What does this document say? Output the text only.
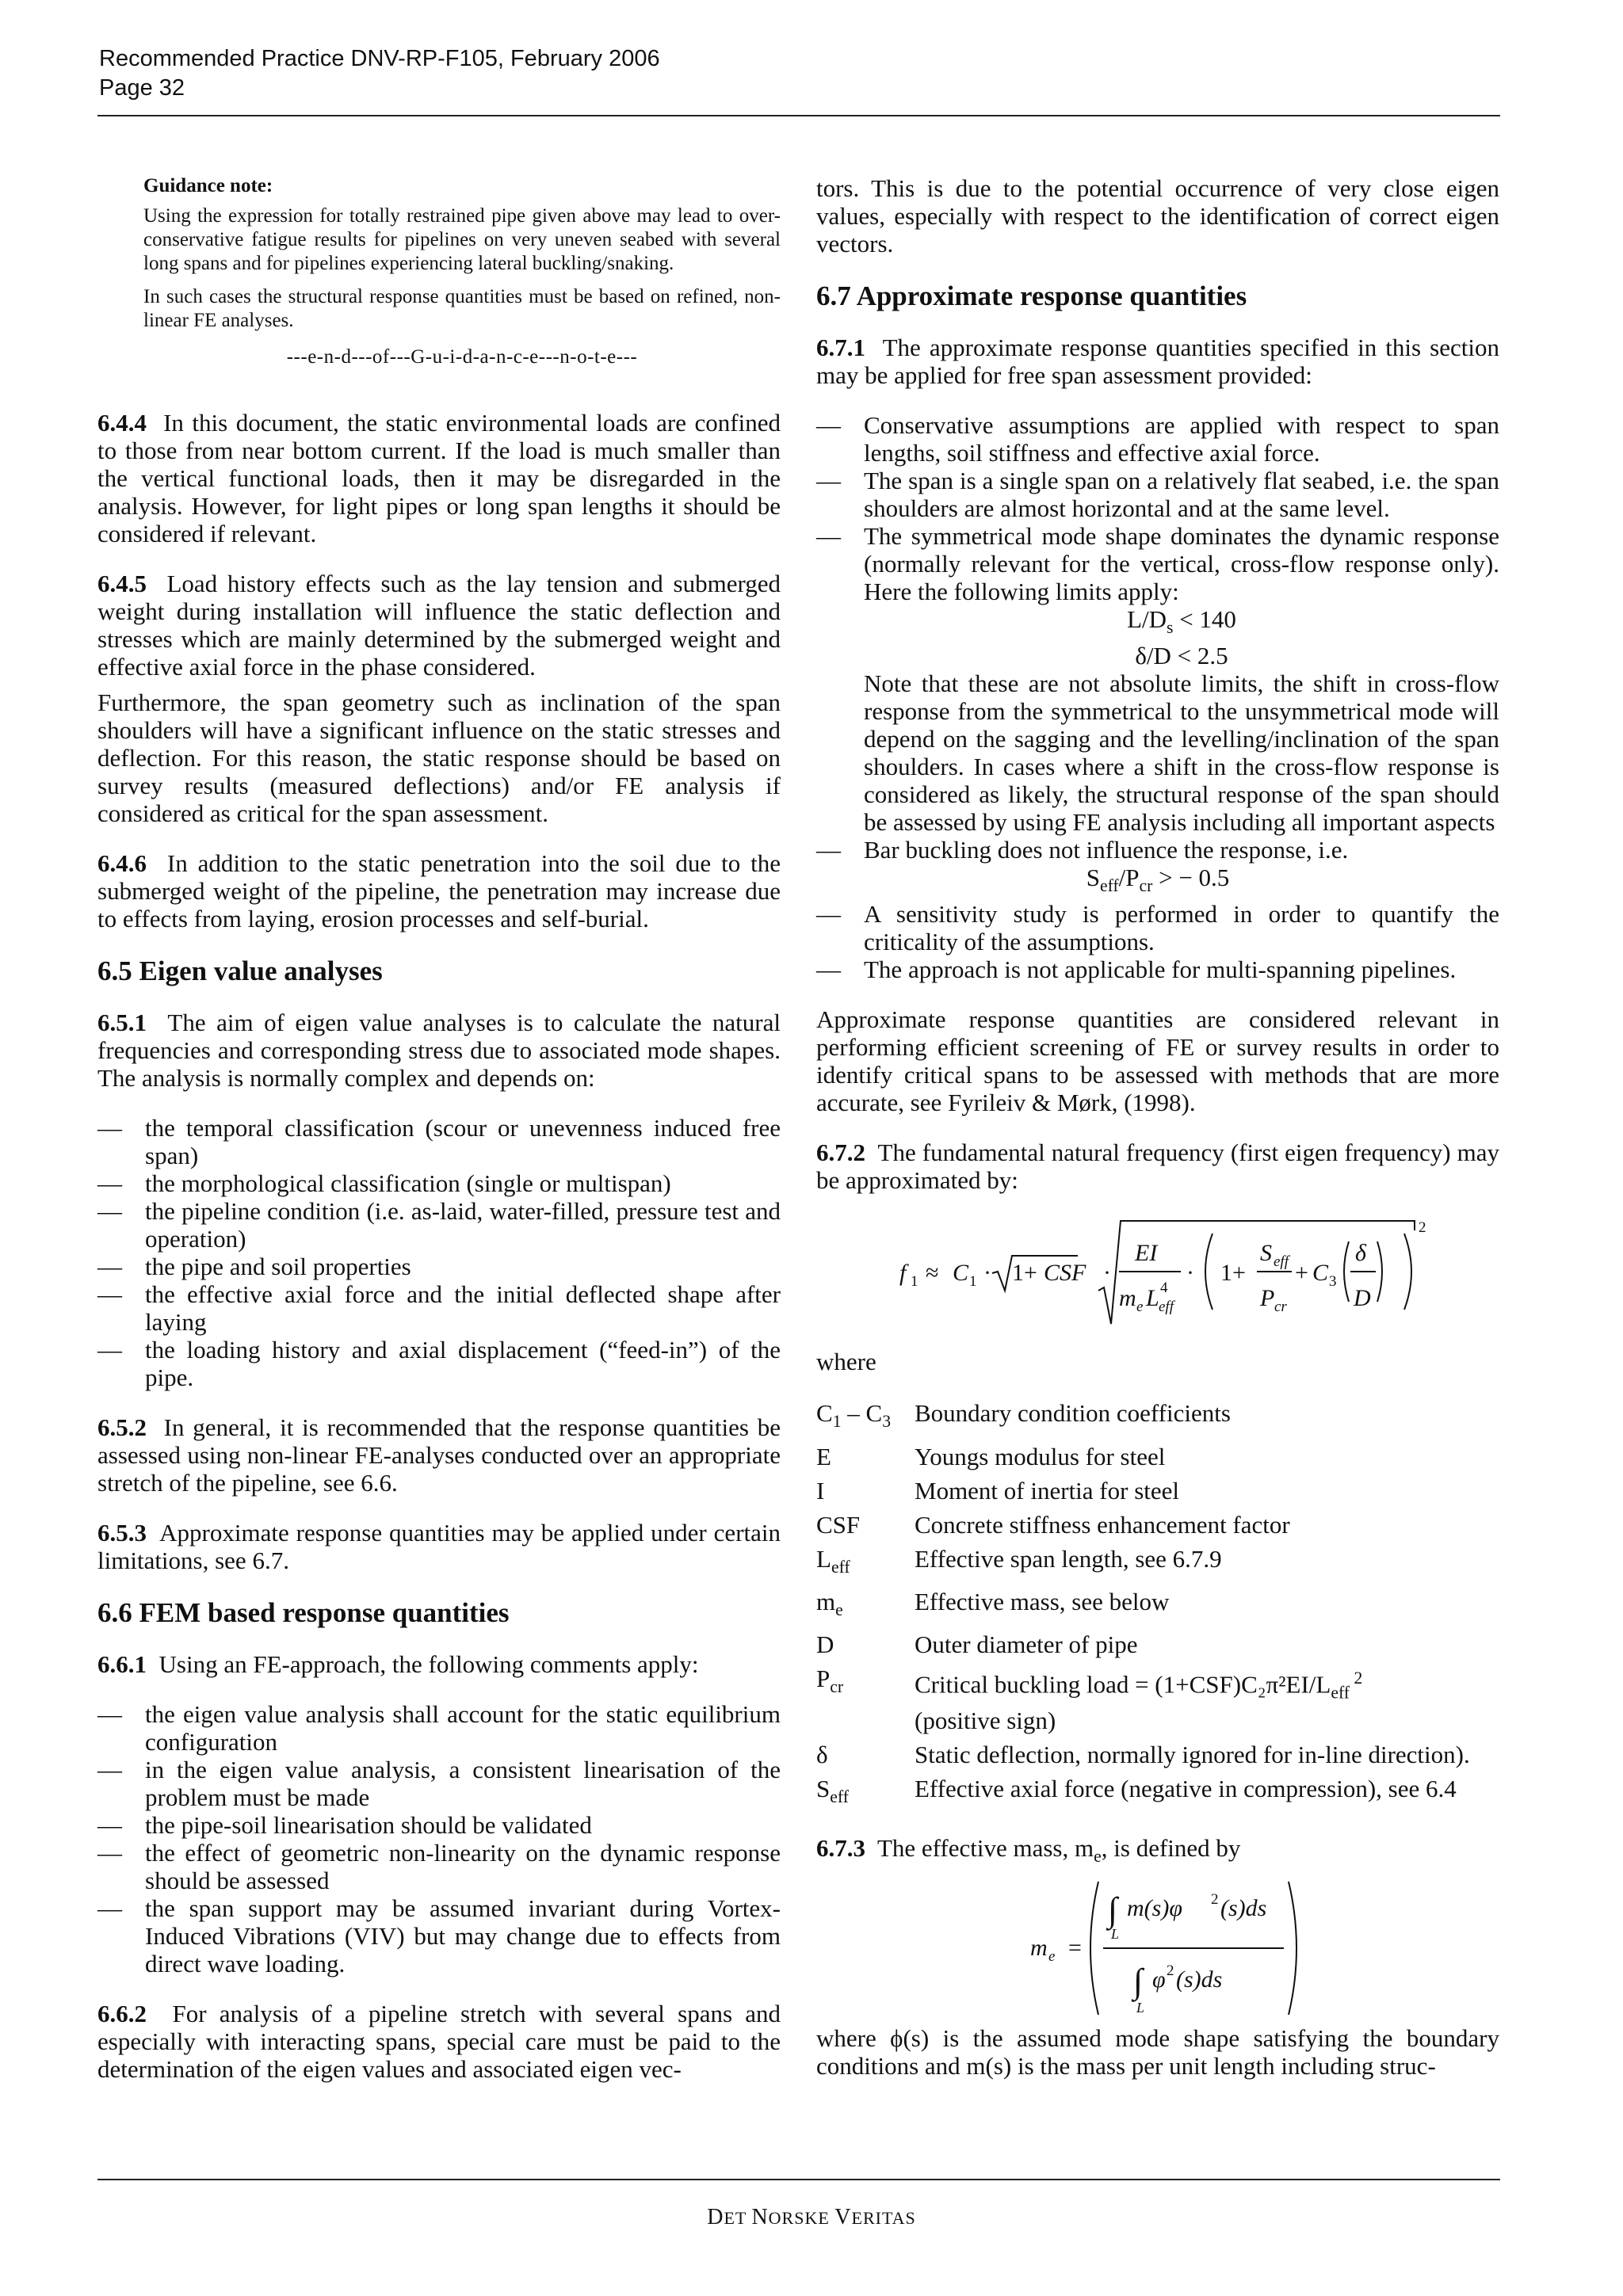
Recommended Practice DNV-RP-F105, February 2006
Page 32
Guidance note:

Using the expression for totally restrained pipe given above may lead to over-conservative fatigue results for pipelines on very uneven seabed with several long spans and for pipelines experiencing lateral buckling/snaking.

In such cases the structural response quantities must be based on refined, non-linear FE analyses.

---e-n-d---of---G-u-i-d-a-n-c-e---n-o-t-e---

6.4.4 In this document, the static environmental loads are confined to those from near bottom current. If the load is much smaller than the vertical functional loads, then it may be disregarded in the analysis. However, for light pipes or long span lengths it should be considered if relevant.

6.4.5 Load history effects such as the lay tension and submerged weight during installation will influence the static deflection and stresses which are mainly determined by the submerged weight and effective axial force in the phase considered.

Furthermore, the span geometry such as inclination of the span shoulders will have a significant influence on the static stresses and deflection. For this reason, the static response should be based on survey results (measured deflections) and/or FE analysis if considered as critical for the span assessment.

6.4.6 In addition to the static penetration into the soil due to the submerged weight of the pipeline, the penetration may increase due to effects from laying, erosion processes and self-burial.

6.5 Eigen value analyses

6.5.1 The aim of eigen value analyses is to calculate the natural frequencies and corresponding stress due to associated mode shapes. The analysis is normally complex and depends on:

— the temporal classification (scour or unevenness induced free span)
— the morphological classification (single or multispan)
— the pipeline condition (i.e. as-laid, water-filled, pressure test and operation)
— the pipe and soil properties
— the effective axial force and the initial deflected shape after laying
— the loading history and axial displacement (“feed-in”) of the pipe.

6.5.2 In general, it is recommended that the response quantities be assessed using non-linear FE-analyses conducted over an appropriate stretch of the pipeline, see 6.6.

6.5.3 Approximate response quantities may be applied under certain limitations, see 6.7.

6.6 FEM based response quantities

6.6.1 Using an FE-approach, the following comments apply:

— the eigen value analysis shall account for the static equilibrium configuration
— in the eigen value analysis, a consistent linearisation of the problem must be made
— the pipe-soil linearisation should be validated
— the effect of geometric non-linearity on the dynamic response should be assessed
— the span support may be assumed invariant during Vortex-Induced Vibrations (VIV) but may change due to effects from direct wave loading.

6.6.2 For analysis of a pipeline stretch with several spans and especially with interacting spans, special care must be paid to the determination of the eigen values and associated eigen vec-

tors. This is due to the potential occurrence of very close eigen values, especially with respect to the identification of correct eigen vectors.

6.7 Approximate response quantities

6.7.1 The approximate response quantities specified in this section may be applied for free span assessment provided:

— Conservative assumptions are applied with respect to span lengths, soil stiffness and effective axial force.
— The span is a single span on a relatively flat seabed, i.e. the span shoulders are almost horizontal and at the same level.
— The symmetrical mode shape dominates the dynamic response (normally relevant for the vertical, cross-flow response only). Here the following limits apply:
$L/D_s < 140$
δ/D < 2.5

Note that these are not absolute limits, the shift in cross-flow response from the symmetrical to the unsymmetrical mode will depend on the sagging and the levelling/inclination of the span shoulders. In cases where a shift in the cross-flow response is considered as likely, the structural response of the span should be assessed by using FE analysis including all important aspects

— Bar buckling does not influence the response, i.e.
$S_{eff}/P_{cr}$ > − 0.5
— A sensitivity study is performed in order to quantify the criticality of the assumptions.
— The approach is not applicable for multi-spanning pipelines.

Approximate response quantities are considered relevant in performing efficient screening of FE or survey results in order to identify critical spans to be assessed with methods that are more accurate, see Fyrileiv & Mørk, (1998).

6.7.2 The fundamental natural frequency (first eigen frequency) may be approximated by:

f 1 ≈ C 1 · 1+ CSF ·
EI
m e L 4
eff
· 1+
S eff
P cr
+ C 3
δ
D
2

where

$C_1 - C_3$ Boundary condition coefficients
E	Youngs modulus for steel
I	Moment of inertia for steel
CSF	Concrete stiffness enhancement factor
$L_{eff}$	Effective span length, see 6.7.9
$m_e$	Effective mass, see below
D	Outer diameter of pipe
$P_{cr}$	Critical buckling load = $(1+CSF)C_2\pi^2EI/L_{eff}$ $^2$
(positive sign)
δ	Static deflection, normally ignored for in-line direction).
$S_{eff}$	Effective axial force (negative in compression), see 6.4

6.7.3 The effective mass, $m_e$, is defined by

m e =
∫
L
m(s)φ 2 (s)ds
∫
L
φ 2 (s)ds

where ϕ(s) is the assumed mode shape satisfying the boundary conditions and m(s) is the mass per unit length including struc-

DET NORSKE VERITAS
